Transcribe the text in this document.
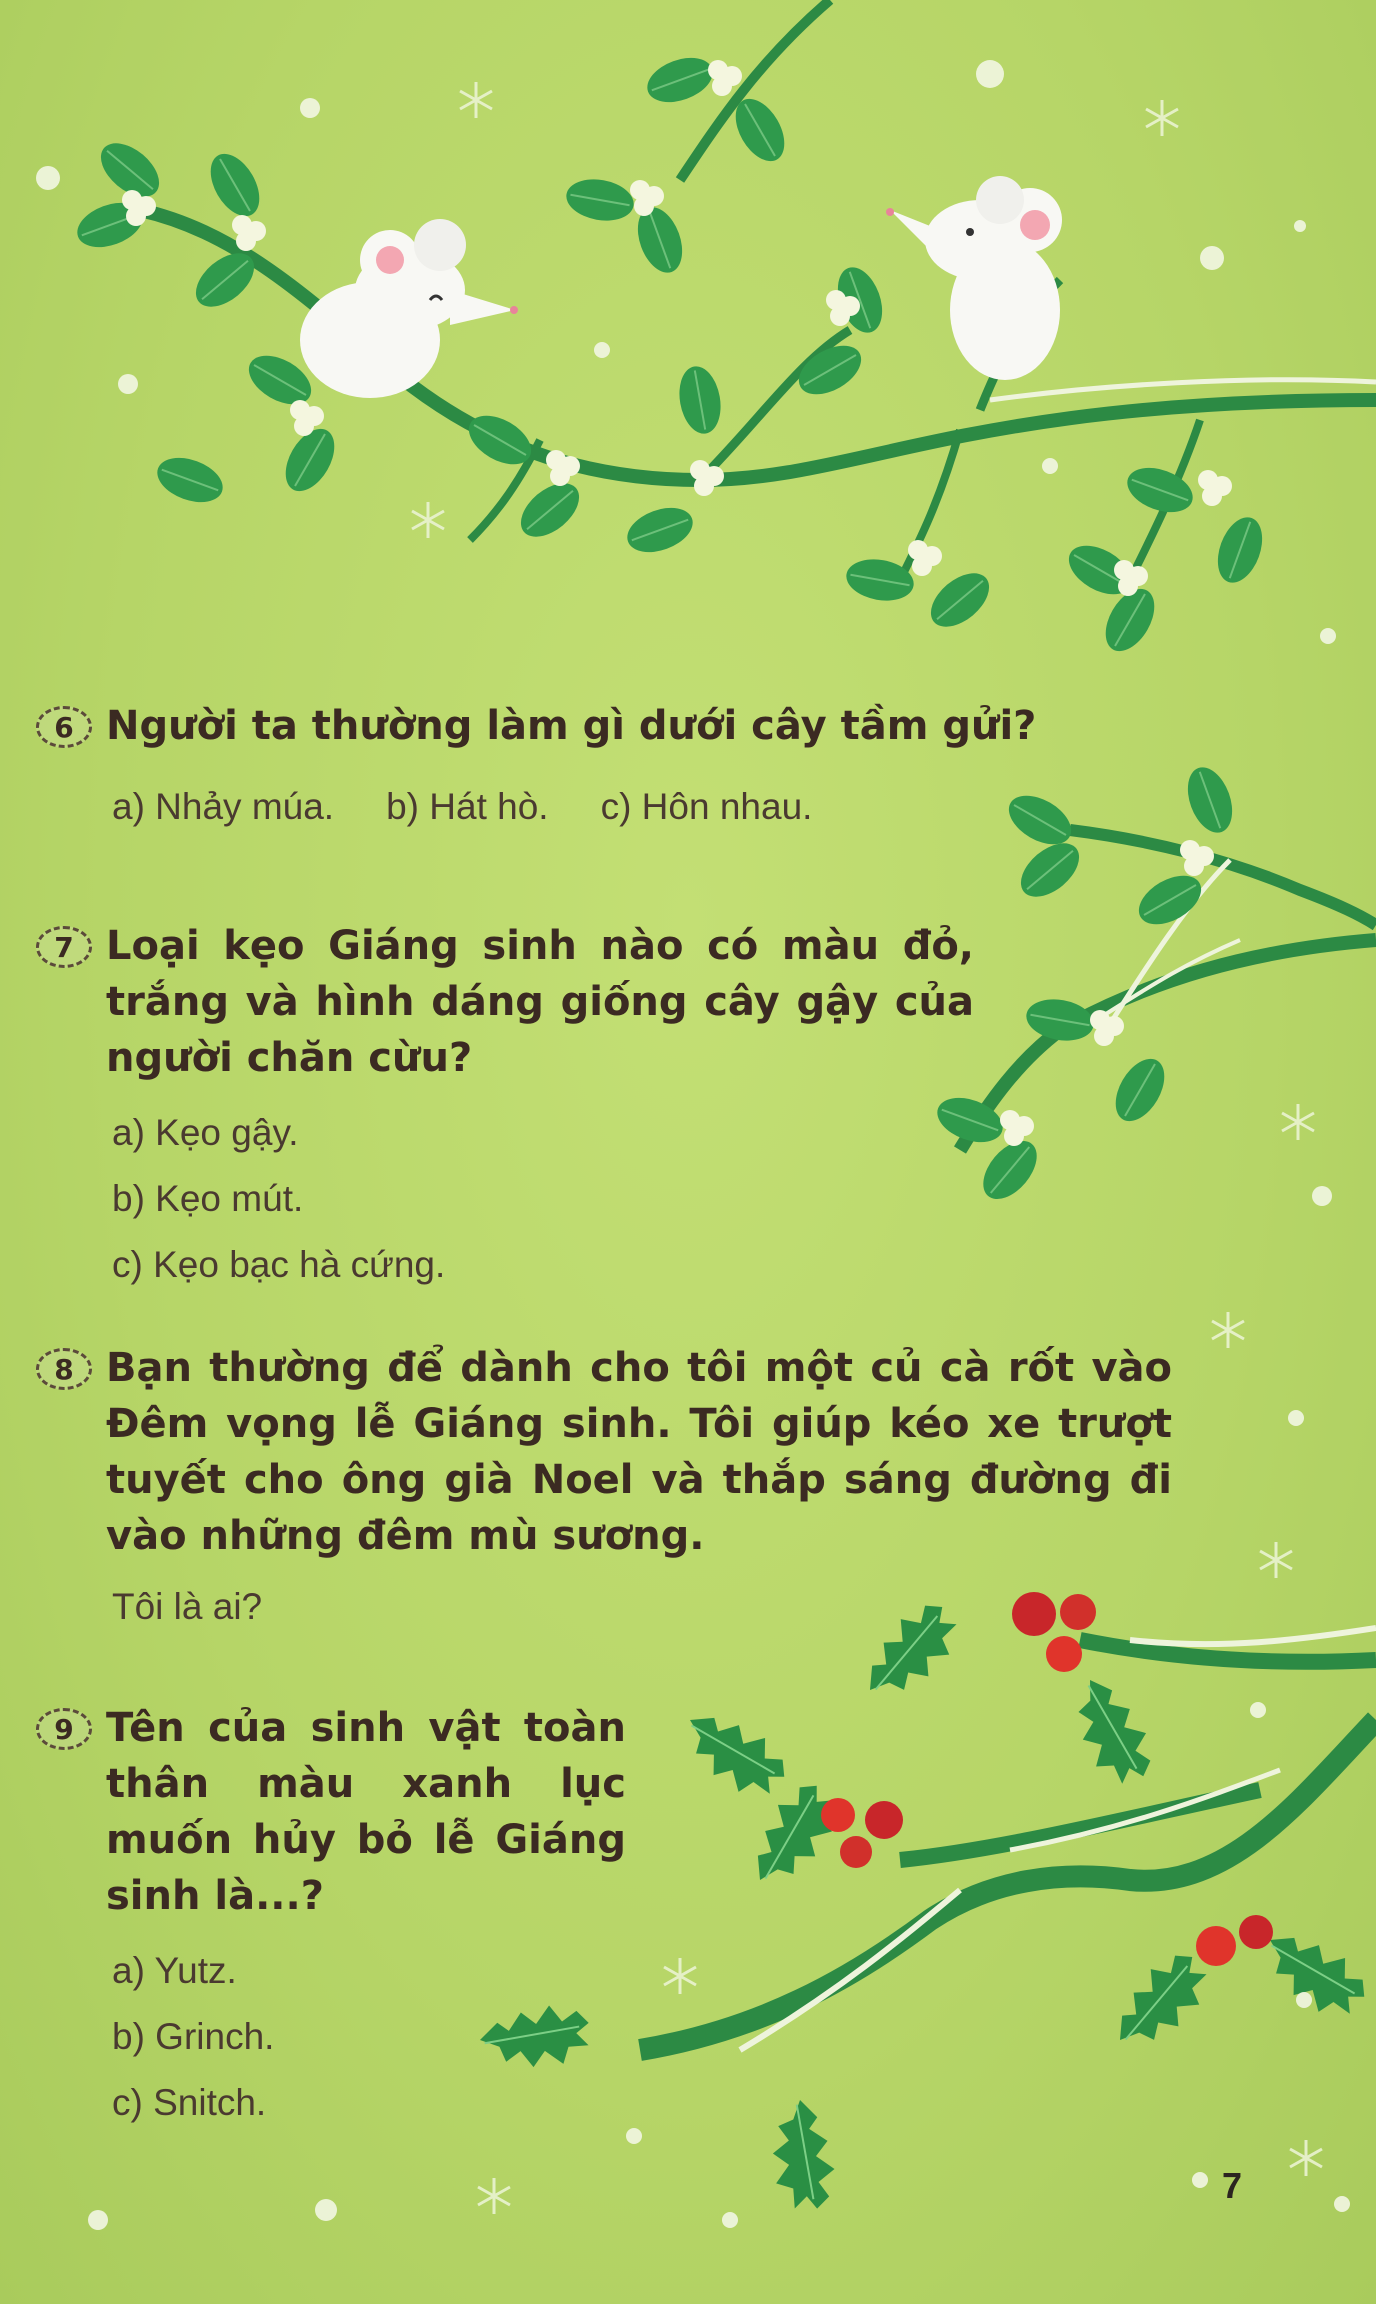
6 Người ta thường làm gì dưới cây tầm gửi?
a) Nhảy múa. b) Hát hò. c) Hôn nhau.
7 Loại kẹo Giáng sinh nào có màu đỏ, trắng và hình dáng giống cây gậy của người chăn cừu?
a) Kẹo gậy.
b) Kẹo mút.
c) Kẹo bạc hà cứng.
8 Bạn thường để dành cho tôi một củ cà rốt vào Đêm vọng lễ Giáng sinh. Tôi giúp kéo xe trượt tuyết cho ông già Noel và thắp sáng đường đi vào những đêm mù sương.
Tôi là ai?
9 Tên của sinh vật toàn thân màu xanh lục muốn hủy bỏ lễ Giáng sinh là...?
a) Yutz.
b) Grinch.
c) Snitch.
7
